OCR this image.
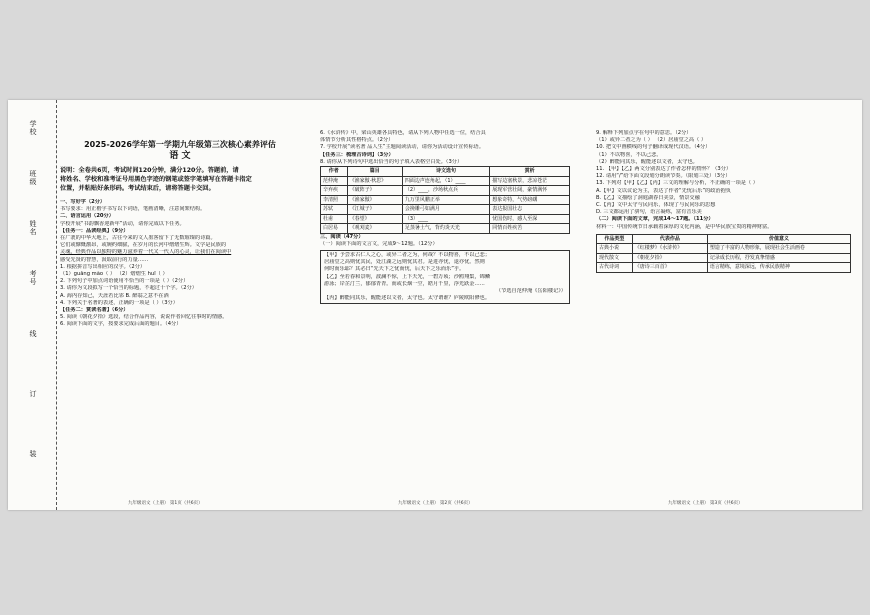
学校
班级
姓名
考号
线
订
装
2025-2026学年第一学期九年级第三次核心素养评估
语 文

说明：全卷共6页，考试时间120分钟，满分120分。答题前，请

将姓名、学校和准考证号用黑色字迹的钢笔或签字笔填写在答题卡指定

位置，并粘贴好条形码。考试结束后，请将答题卡交回。

一、写好字（2分）

书写要求：用正楷字书写以下词语，笔画清晰，注意间架结构。

二、语言运用（20分）

学校开展“书韵飘香迎新年”活动，请你完成以下任务。

【任务一：品读经典】（9分）

在广袤的中华大地上，古往今来的文人墨客留下了无数璀璨的诗篇。

它们或慷慨激昂，或婉约细腻，在岁月的长河中熠熠生辉。文学是民族的

灵魂，经典作品以独特的魅力滋养着一代又一代人的心灵，让我们在阅读中

感受先贤的智慧，汲取前行的力量……

1. 根据拼音写出相应的汉字。（2分）

（1）guǎng mào（ ） （2）熠熠生 huī（ ）

2. 下列句子中加点词语使用不恰当的一项是（ ）（2分）

3. 请你为文段拟写一个恰当的标题，不超过十个字。（2分）

A. 海内存知己，天涯若比邻 B. 醉翁之意不在酒

4. 下列关于名著的表述，正确的一项是（ ）（3分）

【任务二：赏读名著】（6分）

5. 阅读《朝花夕拾》选段，结合作品内容，说说作者回忆往事时的情感。

6. 阅读下面的文字，按要求完成后面的题目。（4分）

九年级语文（上册） 第1页（共6页）

6.《水浒传》中，梁山英雄各具特色，请从下列人物中任选一位，结合具

体情节分析其性格特点。（2分）

7. 学校开展“读名著 品人生”主题阅读活动，请你为活动设计宣传标语。

【任务三：梳理古诗词】（3分）

8. 请你从下列诗句中选出恰当的句子填入表格空白处。（3分）

作者	篇目	诗文选句	赏析
范仲淹	《渔家傲·秋思》	四面边声连角起，（1）____	描写边塞秋景，悲凉苍茫
辛弃疾	《破阵子》	（2）____，沙场秋点兵	展现军营壮阔，豪情满怀
李清照	《渔家傲》	九万里风鹏正举	想象奇特，气势磅礴
苏轼	《江城子》	会挽雕弓如满月	表达报国壮志
杜甫	《春望》	（3）____	忧国伤时，感人至深
白居易	《观刈麦》	足蒸暑土气，背灼炎天光	同情百姓疾苦

三、阅读（47分）

（一）阅读下面的文言文，完成9～12题。（12分）

【甲】予尝求古仁人之心，或异二者之为，何哉？不以物喜，不以己悲；

居庙堂之高则忧其民，处江湖之远则忧其君。是进亦忧，退亦忧。然则

何时而乐耶？其必曰“先天下之忧而忧，后天下之乐而乐”乎。

【乙】至若春和景明，波澜不惊，上下天光，一碧万顷；沙鸥翔集，锦鳞

游泳；岸芷汀兰，郁郁青青。而或长烟一空，皓月千里，浮光跃金……

（节选自范仲淹《岳阳楼记》）

【丙】醉能同其乐，醒能述以文者，太守也。太守谓谁？庐陵欧阳修也。

九年级语文（上册） 第2页（共6页）

9. 解释下列加点字在句中的意思。（2分）

（1）或异二者之为（ ） （2）居庙堂之高（ ）

10. 把文中画横线的句子翻译成现代汉语。（4分）

（1）不以物喜，不以己悲。

（2）醉能同其乐，醒能述以文者，太守也。

11. 【甲】【乙】两文分别表达了作者怎样的情怀？（3分）

12. 请用“/”给下面文段划分朗读节奏。（限划三处）（3分）

13. 下列对【甲】【乙】【丙】三文的理解与分析，不正确的一项是（ ）

A.【甲】文以议论为主，表达了作者“先忧后乐”的政治抱负

B.【乙】文描绘了洞庭湖春日美景，情景交融

C.【丙】文中太守与民同乐，体现了与民同乐的思想

D. 三文都运用了骈句，语言凝练，富有音乐美

（二）阅读下面的文章，完成14～17题。（11分）

材料一：中国传统节日承载着深厚的文化内涵，是中华民族宝贵的精神财富。

作品类型	代表作品	价值意义
古典小说	《红楼梦》《水浒传》	塑造了丰富的人物形象，展现社会生活画卷
现代散文	《朝花夕拾》	记录成长历程，抒发真挚情感
古代诗词	《唐诗三百首》	语言精练，意境深远，传承民族精神
九年级语文（上册） 第3页（共6页）
